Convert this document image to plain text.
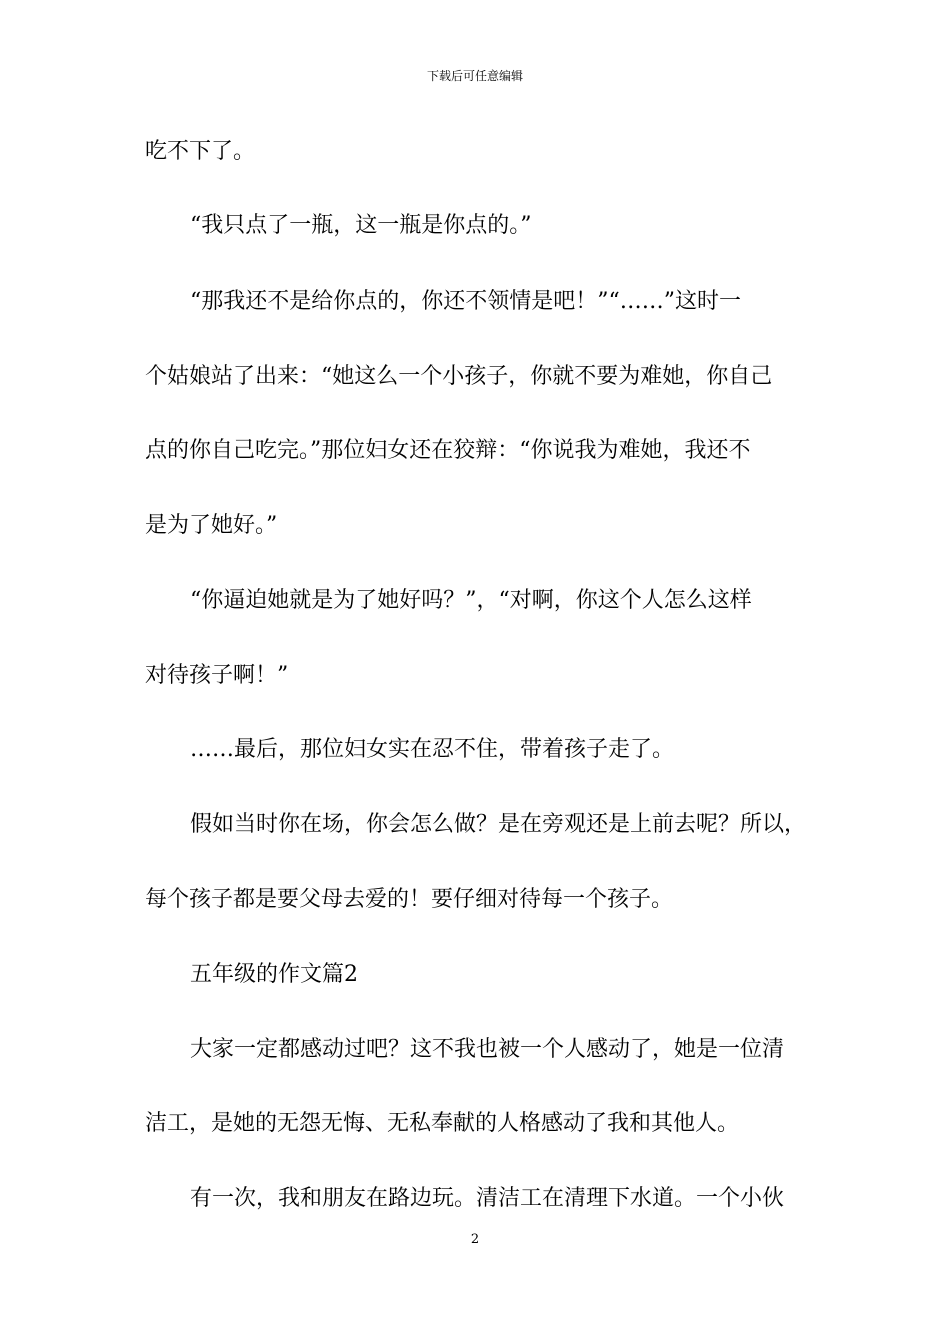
下载后可任意编辑
吃不下了。
“我只点了一瓶，这一瓶是你点的。”
“那我还不是给你点的，你还不领情是吧！”“……”这时一
个姑娘站了出来：“她这么一个小孩子，你就不要为难她，你自己
点的你自己吃完。”那位妇女还在狡辩：“你说我为难她，我还不
是为了她好。”
“你逼迫她就是为了她好吗？”，“对啊，你这个人怎么这样
对待孩子啊！”
……最后，那位妇女实在忍不住，带着孩子走了。
假如当时你在场，你会怎么做？是在旁观还是上前去呢？所以，
每个孩子都是要父母去爱的！要仔细对待每一个孩子。
五年级的作文篇2
大家一定都感动过吧？这不我也被一个人感动了，她是一位清
洁工，是她的无怨无悔、无私奉献的人格感动了我和其他人。
有一次，我和朋友在路边玩。清洁工在清理下水道。一个小伙
2
